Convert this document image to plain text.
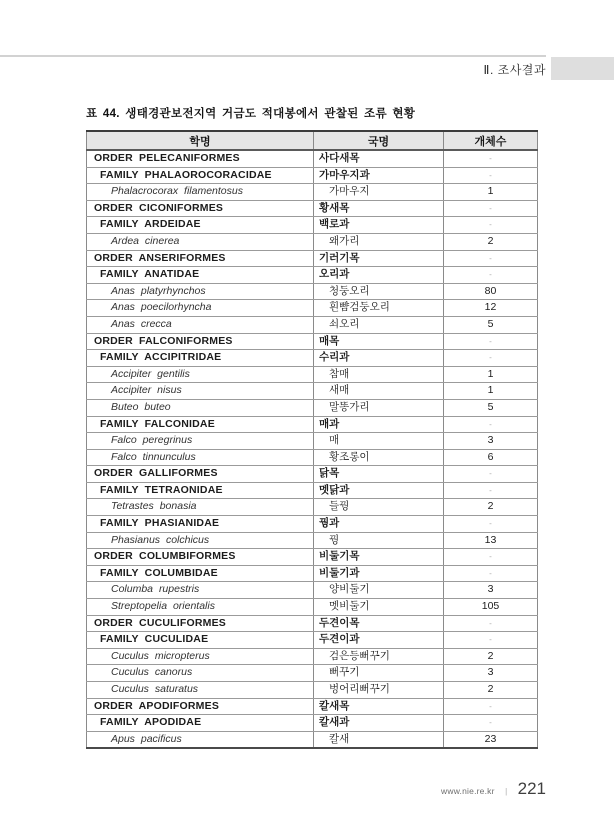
Ⅱ. 조사결과
표 44. 생태경관보전지역 거금도 적대봉에서 관찰된 조류 현황
학명	국명	개체수
ORDER PELECANIFORMES	사다새목	-
FAMILY PHALAOROCORACIDAE	가마우지과	-
Phalacrocorax filamentosus	가마우지	1
ORDER CICONIFORMES	황새목	-
FAMILY ARDEIDAE	백로과	-
Ardea cinerea	왜가리	2
ORDER ANSERIFORMES	기러기목	-
FAMILY ANATIDAE	오리과	-
Anas platyrhynchos	청둥오리	80
Anas poecilorhyncha	흰뺨검둥오리	12
Anas crecca	쇠오리	5
ORDER FALCONIFORMES	매목	-
FAMILY ACCIPITRIDAE	수리과	-
Accipiter gentilis	참매	1
Accipiter nisus	새매	1
Buteo buteo	말똥가리	5
FAMILY FALCONIDAE	매과	-
Falco peregrinus	매	3
Falco tinnunculus	황조롱이	6
ORDER GALLIFORMES	닭목	-
FAMILY TETRAONIDAE	멧닭과	-
Tetrastes bonasia	들꿩	2
FAMILY PHASIANIDAE	꿩과	-
Phasianus colchicus	꿩	13
ORDER COLUMBIFORMES	비둘기목	-
FAMILY COLUMBIDAE	비둘기과	-
Columba rupestris	양비둘기	3
Streptopelia orientalis	멧비둘기	105
ORDER CUCULIFORMES	두견이목	-
FAMILY CUCULIDAE	두견이과	-
Cuculus micropterus	검은등뻐꾸기	2
Cuculus canorus	뻐꾸기	3
Cuculus saturatus	벙어리뻐꾸기	2
ORDER APODIFORMES	칼새목	-
FAMILY APODIDAE	칼새과	-
Apus pacificus	칼새	23
www.nie.re.kr | 221
